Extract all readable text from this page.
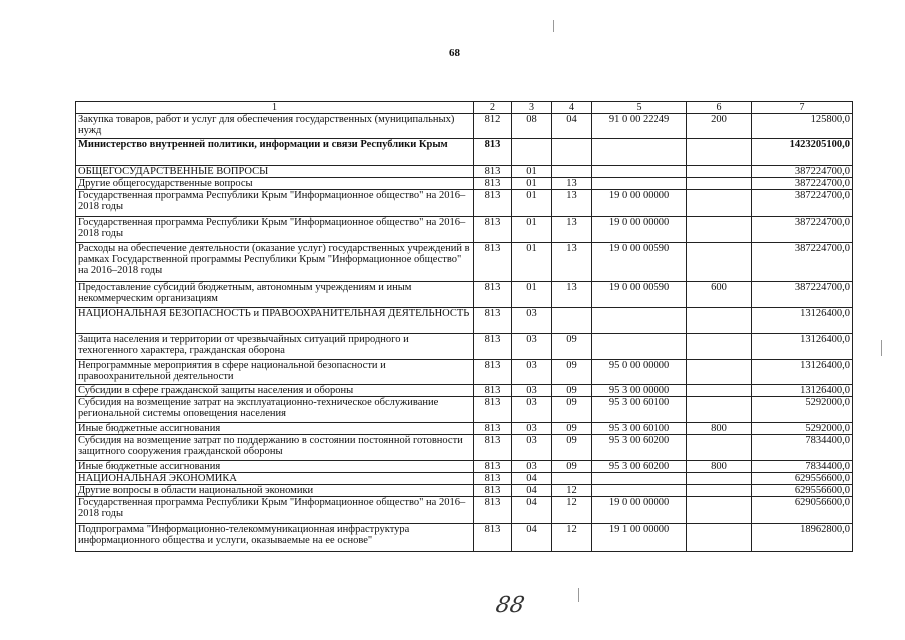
68
1	2	3	4	5	6	7
Закупка товаров, работ и услуг для обеспечения государственных (муниципальных) нужд	812	08	04	91 0 00 22249	200	125800,0
Министерство внутренней политики, информации и связи Республики Крым	813					1423205100,0
ОБЩЕГОСУДАРСТВЕННЫЕ ВОПРОСЫ	813	01				387224700,0
Другие общегосударственные вопросы	813	01	13			387224700,0
Государственная программа Республики Крым "Информационное общество" на 2016–2018 годы	813	01	13	19 0 00 00000		387224700,0
Государственная программа Республики Крым "Информационное общество" на 2016–2018 годы	813	01	13	19 0 00 00000		387224700,0
Расходы на обеспечение деятельности (оказание услуг) государственных учреждений в рамках Государственной программы Республики Крым "Информационное общество" на 2016–2018 годы	813	01	13	19 0 00 00590		387224700,0
Предоставление субсидий бюджетным, автономным учреждениям и иным некоммерческим организациям	813	01	13	19 0 00 00590	600	387224700,0
НАЦИОНАЛЬНАЯ БЕЗОПАСНОСТЬ и ПРАВООХРАНИТЕЛЬНАЯ ДЕЯТЕЛЬНОСТЬ	813	03				13126400,0
Защита населения и территории от чрезвычайных ситуаций природного и техногенного характера, гражданская оборона	813	03	09			13126400,0
Непрограммные мероприятия в сфере национальной безопасности и правоохранительной деятельности	813	03	09	95 0 00 00000		13126400,0
Субсидии в сфере гражданской защиты населения и обороны	813	03	09	95 3 00 00000		13126400,0
Субсидия на возмещение затрат на эксплуатационно-техническое обслуживание региональной системы оповещения населения	813	03	09	95 3 00 60100		5292000,0
Иные бюджетные ассигнования	813	03	09	95 3 00 60100	800	5292000,0
Субсидия на возмещение затрат по поддержанию в состоянии постоянной готовности защитного сооружения гражданской обороны	813	03	09	95 3 00 60200		7834400,0
Иные бюджетные ассигнования	813	03	09	95 3 00 60200	800	7834400,0
НАЦИОНАЛЬНАЯ ЭКОНОМИКА	813	04				629556600,0
Другие вопросы в области национальной экономики	813	04	12			629556600,0
Государственная программа Республики Крым "Информационное общество" на 2016–2018 годы	813	04	12	19 0 00 00000		629056600,0
Подпрограмма "Информационно-телекоммуникационная инфраструктура информационного общества и услуги, оказываемые на ее основе"	813	04	12	19 1 00 00000		18962800,0
88
